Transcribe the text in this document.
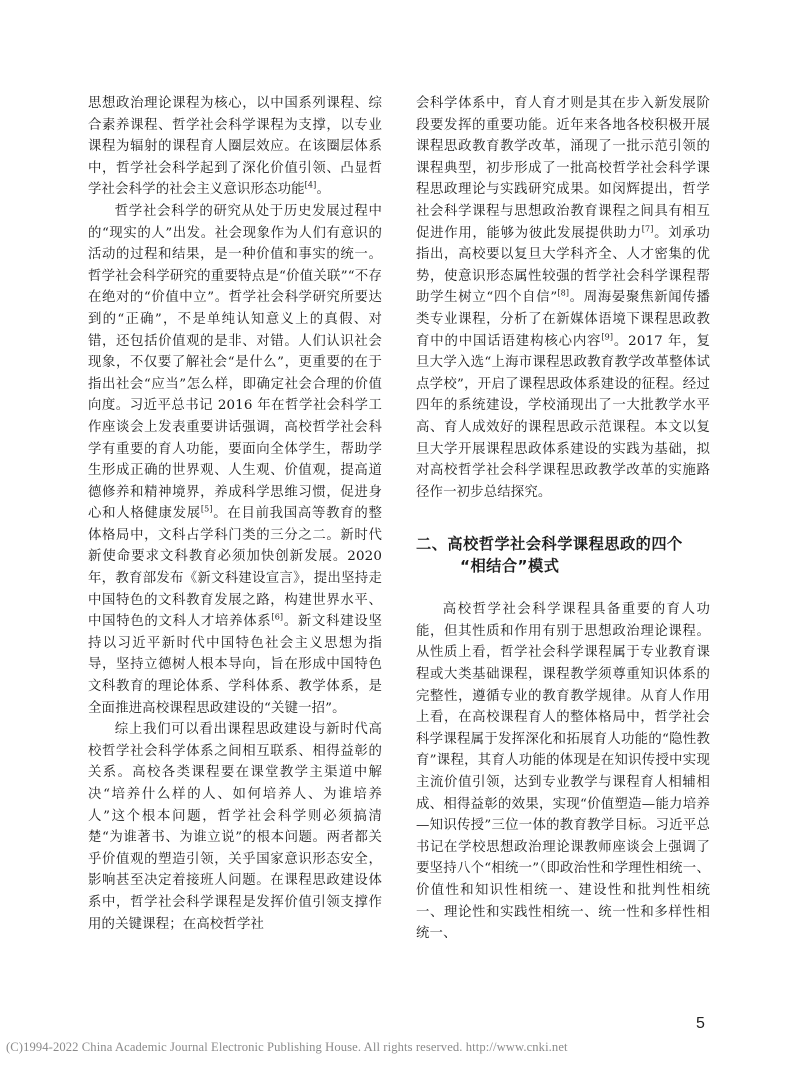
思想政治理论课程为核心，以中国系列课程、综合素养课程、哲学社会科学课程为支撑，以专业课程为辐射的课程育人圈层效应。在该圈层体系中，哲学社会科学起到了深化价值引领、凸显哲学社会科学的社会主义意识形态功能[4]。

哲学社会科学的研究从处于历史发展过程中的“现实的人”出发。社会现象作为人们有意识的活动的过程和结果，是一种价值和事实的统一。哲学社会科学研究的重要特点是“价值关联”“不存在绝对的“价值中立”。哲学社会科学研究所要达到的“正确”，不是单纯认知意义上的真假、对错，还包括价值观的是非、对错。人们认识社会现象，不仅要了解社会“是什么”，更重要的在于指出社会“应当”怎么样，即确定社会合理的价值向度。习近平总书记 2016 年在哲学社会科学工作座谈会上发表重要讲话强调，高校哲学社会科学有重要的育人功能，要面向全体学生，帮助学生形成正确的世界观、人生观、价值观，提高道德修养和精神境界，养成科学思维习惯，促进身心和人格健康发展[5]。在目前我国高等教育的整体格局中，文科占学科门类的三分之二。新时代新使命要求文科教育必须加快创新发展。2020 年，教育部发布《新文科建设宣言》，提出坚持走中国特色的文科教育发展之路，构建世界水平、中国特色的文科人才培养体系[6]。新文科建设坚持以习近平新时代中国特色社会主义思想为指导，坚持立德树人根本导向，旨在形成中国特色文科教育的理论体系、学科体系、教学体系，是全面推进高校课程思政建设的“关键一招”。

综上我们可以看出课程思政建设与新时代高校哲学社会科学体系之间相互联系、相得益彰的关系。高校各类课程要在课堂教学主渠道中解决“培养什么样的人、如何培养人、为谁培养人”这个根本问题，哲学社会科学则必须搞清楚“为谁著书、为谁立说”的根本问题。两者都关乎价值观的塑造引领，关乎国家意识形态安全，影响甚至决定着接班人问题。在课程思政建设体系中，哲学社会科学课程是发挥价值引领支撑作用的关键课程；在高校哲学社

会科学体系中，育人育才则是其在步入新发展阶段要发挥的重要功能。近年来各地各校积极开展课程思政教育教学改革，涌现了一批示范引领的课程典型，初步形成了一批高校哲学社会科学课程思政理论与实践研究成果。如闵辉提出，哲学社会科学课程与思想政治教育课程之间具有相互促进作用，能够为彼此发展提供助力[7]。刘承功指出，高校要以复旦大学科齐全、人才密集的优势，使意识形态属性较强的哲学社会科学课程帮助学生树立“四个自信”[8]。周海晏聚焦新闻传播类专业课程，分析了在新媒体语境下课程思政教育中的中国话语建构核心内容[9]。2017 年，复旦大学入选“上海市课程思政教育教学改革整体试点学校”，开启了课程思政体系建设的征程。经过四年的系统建设，学校涌现出了一大批教学水平高、育人成效好的课程思政示范课程。本文以复旦大学开展课程思政体系建设的实践为基础，拟对高校哲学社会科学课程思政教学改革的实施路径作一初步总结探究。

二、高校哲学社会科学课程思政的四个
“相结合”模式

高校哲学社会科学课程具备重要的育人功能，但其性质和作用有别于思想政治理论课程。从性质上看，哲学社会科学课程属于专业教育课程或大类基础课程，课程教学须尊重知识体系的完整性，遵循专业的教育教学规律。从育人作用上看，在高校课程育人的整体格局中，哲学社会科学课程属于发挥深化和拓展育人功能的“隐性教育”课程，其育人功能的体现是在知识传授中实现主流价值引领，达到专业教学与课程育人相辅相成、相得益彰的效果，实现“价值塑造—能力培养—知识传授”三位一体的教育教学目标。习近平总书记在学校思想政治理论课教师座谈会上强调了要坚持八个“相统一”（即政治性和学理性相统一、价值性和知识性相统一、建设性和批判性相统一、理论性和实践性相统一、统一性和多样性相统一、

5
(C)1994-2022 China Academic Journal Electronic Publishing House. All rights reserved. http://www.cnki.net
